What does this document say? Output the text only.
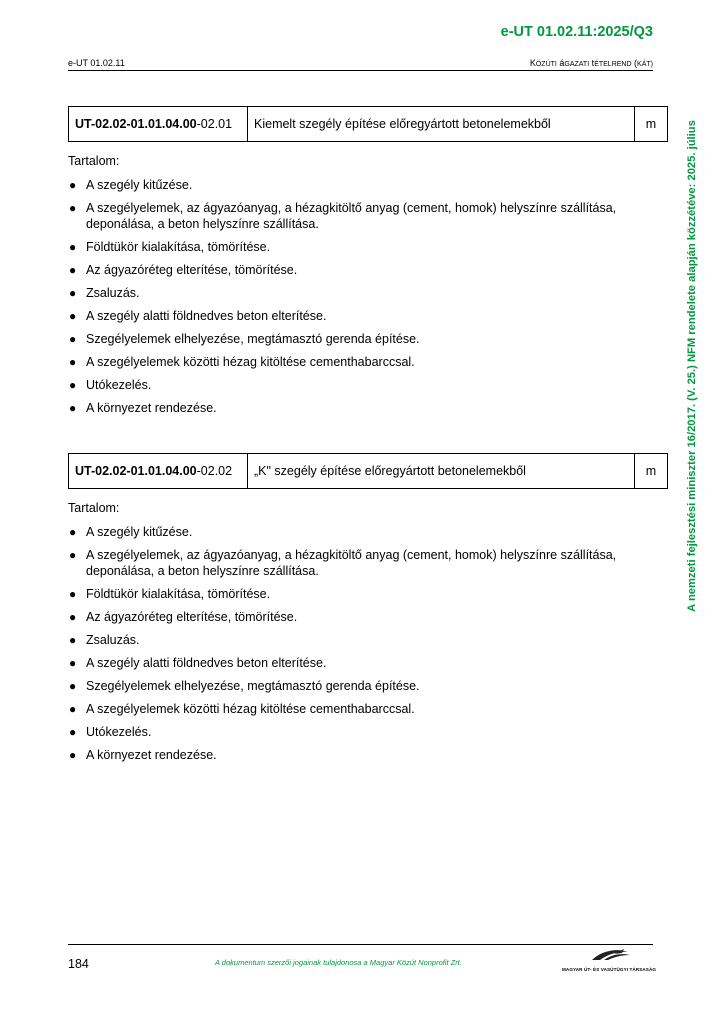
e-UT 01.02.11:2025/Q3
e-UT 01.02.11	KÖZÚTI áGAZATI tÉTELREND (KÁT)
A nemzeti fejlesztési miniszter 16/2017. (V. 25.) NFM rendelete alapján közzétéve: 2025. július
UT-02.02-01.01.04.00-02.01	Kiemelt szegély építése előregyártott betonelemekből	m
Tartalom:
● A szegély kitűzése.
● A szegélyelemek, az ágyazóanyag, a hézagkitöltő anyag (cement, homok) helyszínre szállítása, deponálása, a beton helyszínre szállítása.
● Földtükör kialakítása, tömörítése.
● Az ágyazóréteg elterítése, tömörítése.
● Zsaluzás.
● A szegély alatti földnedves beton elterítése.
● Szegélyelemek elhelyezése, megtámasztó gerenda építése.
● A szegélyelemek közötti hézag kitöltése cementhabarccsal.
● Utókezelés.
● A környezet rendezése.
UT-02.02-01.01.04.00-02.02	„K" szegély építése előregyártott betonelemekből	m
Tartalom:
● A szegély kitűzése.
● A szegélyelemek, az ágyazóanyag, a hézagkitöltő anyag (cement, homok) helyszínre szállítása, deponálása, a beton helyszínre szállítása.
● Földtükör kialakítása, tömörítése.
● Az ágyazóréteg elterítése, tömörítése.
● Zsaluzás.
● A szegély alatti földnedves beton elterítése.
● Szegélyelemek elhelyezése, megtámasztó gerenda építése.
● A szegélyelemek közötti hézag kitöltése cementhabarccsal.
● Utókezelés.
● A környezet rendezése.
184	A dokumentum szerzői jogainak tulajdonosa a Magyar Közút Nonprofit Zrt.
MAGYAR ÚT- ÉS VASÚTÜGYI TÁRSASÁG
